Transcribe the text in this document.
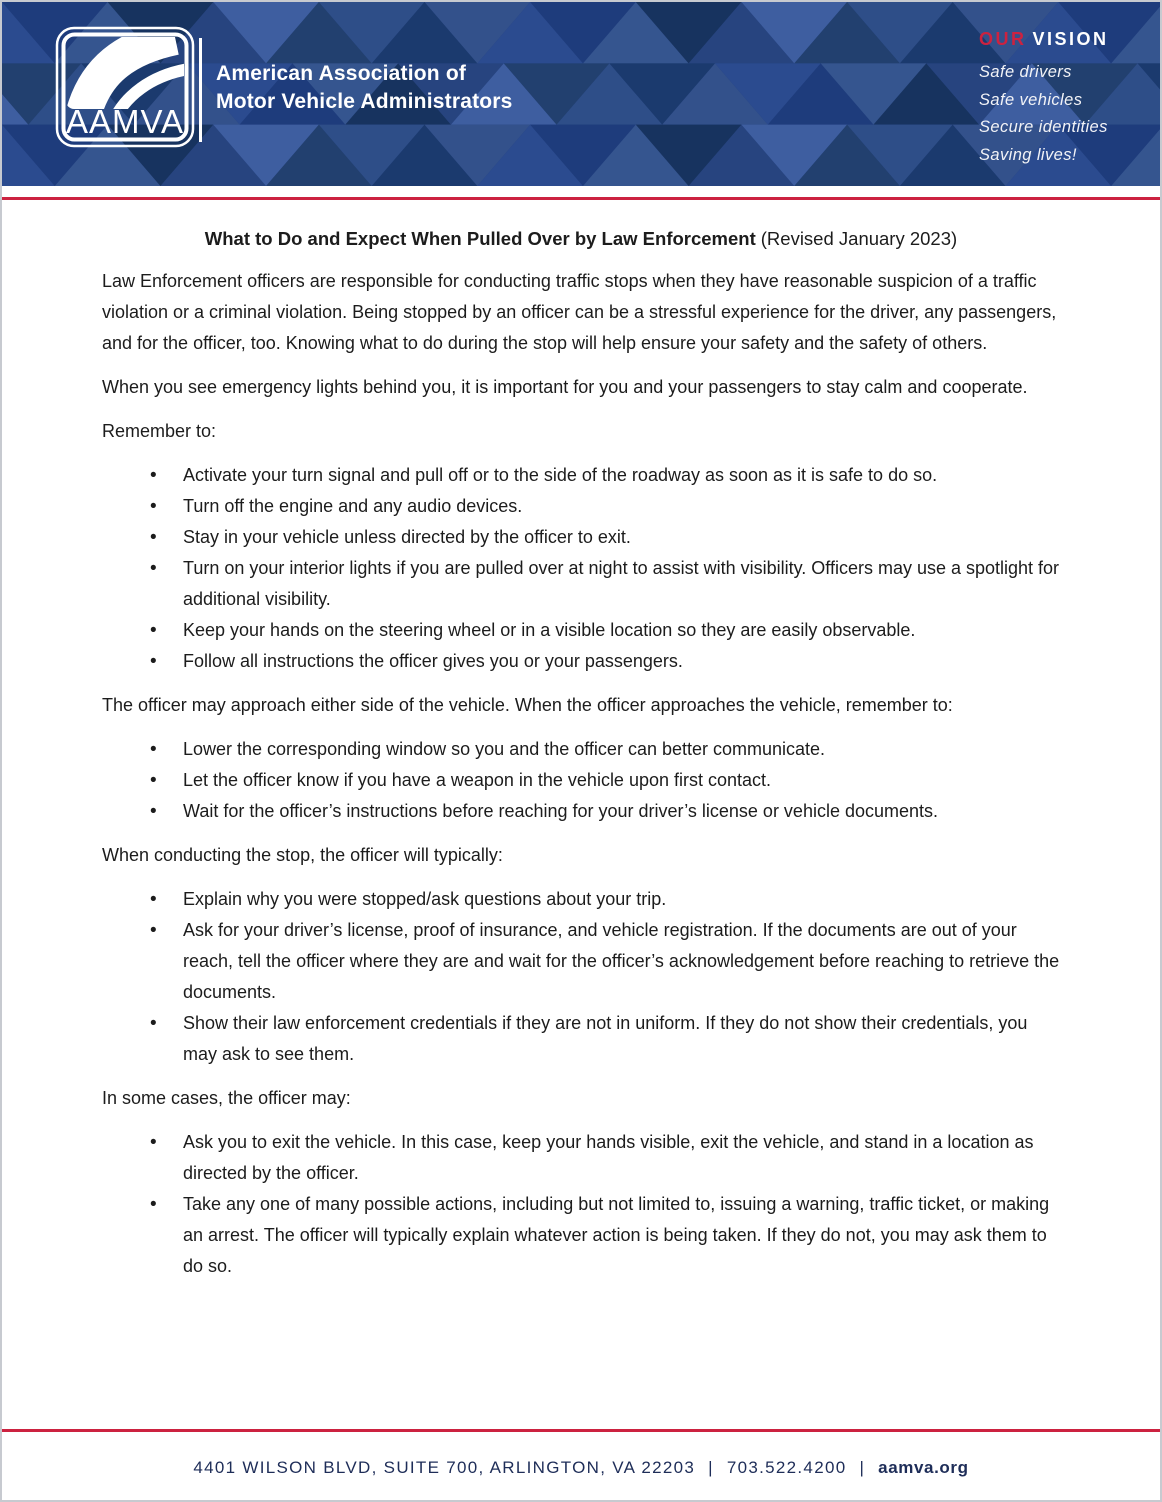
AAMVA
American Association of
Motor Vehicle Administrators
OUR VISION
Safe drivers
Safe vehicles
Secure identities
Saving lives!
What to Do and Expect When Pulled Over by Law Enforcement (Revised January 2023)

Law Enforcement officers are responsible for conducting traffic stops when they have reasonable suspicion of a traffic violation or a criminal violation. Being stopped by an officer can be a stressful experience for the driver, any passengers, and for the officer, too. Knowing what to do during the stop will help ensure your safety and the safety of others.

When you see emergency lights behind you, it is important for you and your passengers to stay calm and cooperate.

Remember to:

• Activate your turn signal and pull off or to the side of the roadway as soon as it is safe to do so.
• Turn off the engine and any audio devices.
• Stay in your vehicle unless directed by the officer to exit.
• Turn on your interior lights if you are pulled over at night to assist with visibility. Officers may use a spotlight for additional visibility.
• Keep your hands on the steering wheel or in a visible location so they are easily observable.
• Follow all instructions the officer gives you or your passengers.

The officer may approach either side of the vehicle. When the officer approaches the vehicle, remember to:

• Lower the corresponding window so you and the officer can better communicate.
• Let the officer know if you have a weapon in the vehicle upon first contact.
• Wait for the officer’s instructions before reaching for your driver’s license or vehicle documents.

When conducting the stop, the officer will typically:

• Explain why you were stopped/ask questions about your trip.
• Ask for your driver’s license, proof of insurance, and vehicle registration. If the documents are out of your reach, tell the officer where they are and wait for the officer’s acknowledgement before reaching to retrieve the documents.
• Show their law enforcement credentials if they are not in uniform. If they do not show their credentials, you may ask to see them.

In some cases, the officer may:

• Ask you to exit the vehicle. In this case, keep your hands visible, exit the vehicle, and stand in a location as directed by the officer.
• Take any one of many possible actions, including but not limited to, issuing a warning, traffic ticket, or making an arrest. The officer will typically explain whatever action is being taken. If they do not, you may ask them to do so.
4401 WILSON BLVD, SUITE 700, ARLINGTON, VA 22203 | 703.522.4200 | aamva.org
